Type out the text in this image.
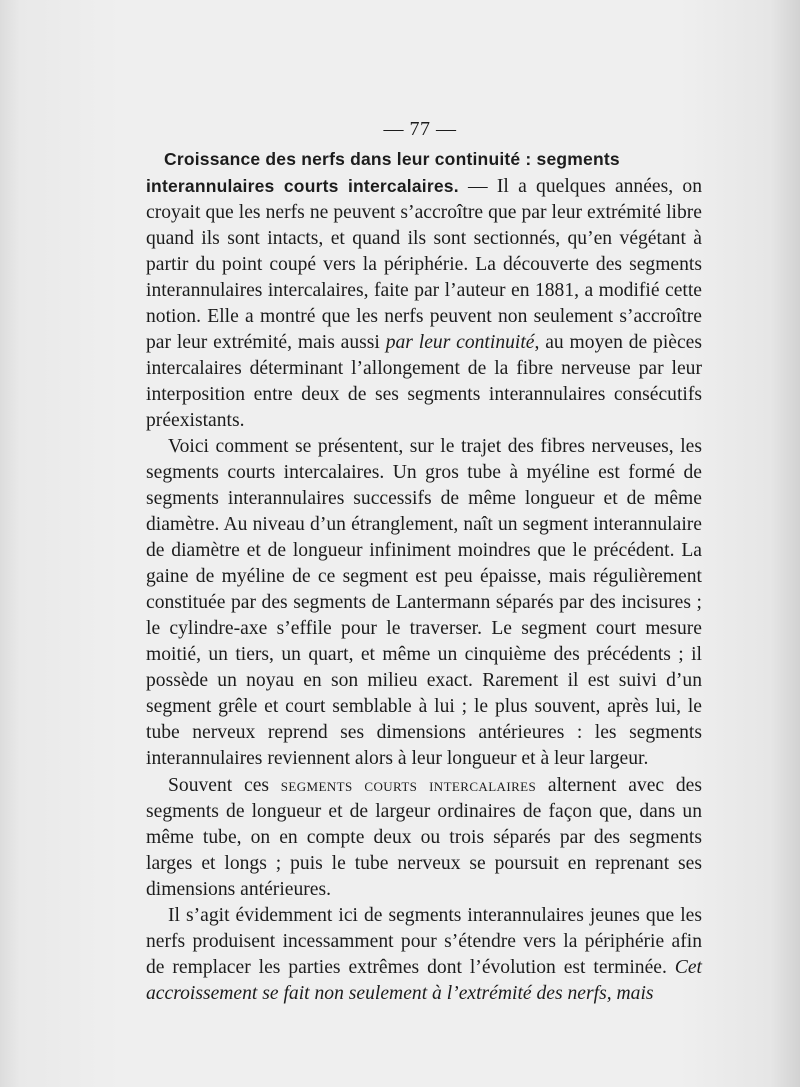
— 77 —

Croissance des nerfs dans leur continuité : segments
interannulaires courts intercalaires. — Il a quelques années, on croyait que les nerfs ne peuvent s’accroître que par leur extrémité libre quand ils sont intacts, et quand ils sont sectionnés, qu’en végétant à partir du point coupé vers la périphérie. La découverte des segments interannulaires intercalaires, faite par l’auteur en 1881, a modifié cette notion. Elle a montré que les nerfs peuvent non seulement s’accroître par leur extrémité, mais aussi par leur continuité, au moyen de pièces intercalaires déterminant l’allongement de la fibre nerveuse par leur interposition entre deux de ses segments interannulaires consécutifs préexistants.

Voici comment se présentent, sur le trajet des fibres nerveuses, les segments courts intercalaires. Un gros tube à myéline est formé de segments interannulaires successifs de même longueur et de même diamètre. Au niveau d’un étranglement, naît un segment interannulaire de diamètre et de longueur infiniment moindres que le précédent. La gaine de myéline de ce segment est peu épaisse, mais régulièrement constituée par des segments de Lantermann séparés par des incisures ; le cylindre-axe s’effile pour le traverser. Le segment court mesure moitié, un tiers, un quart, et même un cinquième des précédents ; il possède un noyau en son milieu exact. Rarement il est suivi d’un segment grêle et court semblable à lui ; le plus souvent, après lui, le tube nerveux reprend ses dimensions antérieures : les segments interannulaires reviennent alors à leur longueur et à leur largeur.

Souvent ces segments courts intercalaires alternent avec des segments de longueur et de largeur ordinaires de façon que, dans un même tube, on en compte deux ou trois séparés par des segments larges et longs ; puis le tube nerveux se poursuit en reprenant ses dimensions antérieures.

Il s’agit évidemment ici de segments interannulaires jeunes que les nerfs produisent incessamment pour s’étendre vers la périphérie afin de remplacer les parties extrêmes dont l’évolution est terminée. Cet accroissement se fait non seulement à l’extrémité des nerfs, mais
